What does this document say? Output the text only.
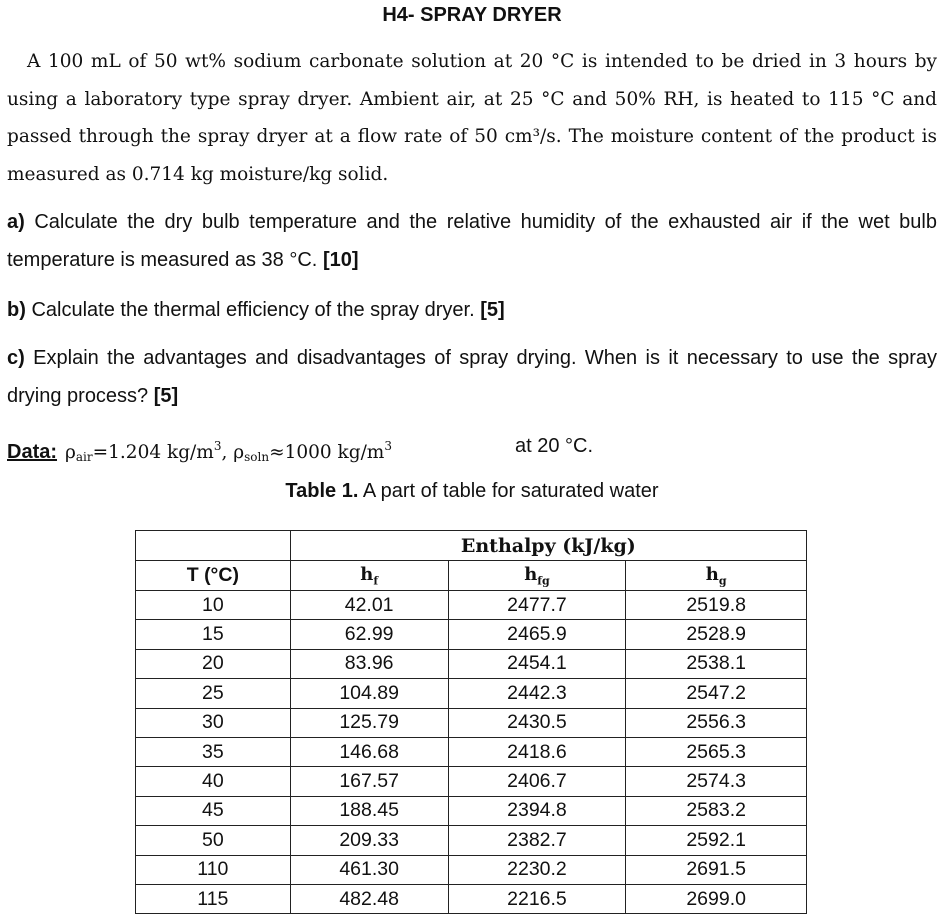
H4- SPRAY DRYER

A 100 mL of 50 wt% sodium carbonate solution at 20 °C is intended to be dried in 3 hours by using a laboratory type spray dryer. Ambient air, at 25 °C and 50% RH, is heated to 115 °C and passed through the spray dryer at a flow rate of 50 cm³/s. The moisture content of the product is measured as 0.714 kg moisture/kg solid.

a) Calculate the dry bulb temperature and the relative humidity of the exhausted air if the wet bulb temperature is measured as 38 °C. [10]

b) Calculate the thermal efficiency of the spray dryer. [5]

c) Explain the advantages and disadvantages of spray drying. When is it necessary to use the spray drying process? [5]

Data: $\rho_{air}=1.204$ $kg/m^3$, $\rho_{soln}\approx 1000$ $kg/m^3$	at 20 °C.
Table 1. A part of table for saturated water
	Enthalpy (kJ/kg)		
T (°C)	$h_f$	$h_{fg}$	$h_g$
10	42.01	2477.7	2519.8
15	62.99	2465.9	2528.9
20	83.96	2454.1	2538.1
25	104.89	2442.3	2547.2
30	125.79	2430.5	2556.3
35	146.68	2418.6	2565.3
40	167.57	2406.7	2574.3
45	188.45	2394.8	2583.2
50	209.33	2382.7	2592.1
110	461.30	2230.2	2691.5
115	482.48	2216.5	2699.0
